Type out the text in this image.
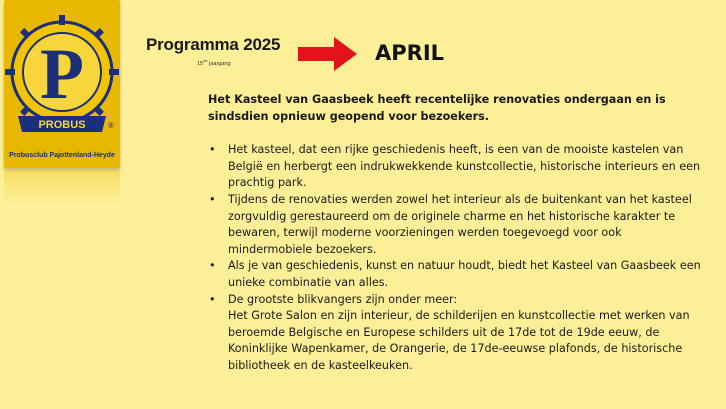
P
PROBUS	®
Probusclub Pajottenland-Heyde
Programma 2025
15de jaargang	APRIL

Het Kasteel van Gaasbeek heeft recentelijke renovaties ondergaan en is sindsdien opnieuw geopend voor bezoekers.

• Het kasteel, dat een rijke geschiedenis heeft, is een van de mooiste kastelen van België en herbergt een indrukwekkende kunstcollectie, historische interieurs en een prachtig park.
• Tijdens de renovaties werden zowel het interieur als de buitenkant van het kasteel zorgvuldig gerestaureerd om de originele charme en het historische karakter te bewaren, terwijl moderne voorzieningen werden toegevoegd voor ook mindermobiele bezoekers.
• Als je van geschiedenis, kunst en natuur houdt, biedt het Kasteel van Gaasbeek een unieke combinatie van alles.
• De grootste blikvangers zijn onder meer:
Het Grote Salon en zijn interieur, de schilderijen en kunstcollectie met werken van beroemde Belgische en Europese schilders uit de 17de tot de 19de eeuw, de Koninklijke Wapenkamer, de Orangerie, de 17de-eeuwse plafonds, de historische bibliotheek en de kasteelkeuken.
